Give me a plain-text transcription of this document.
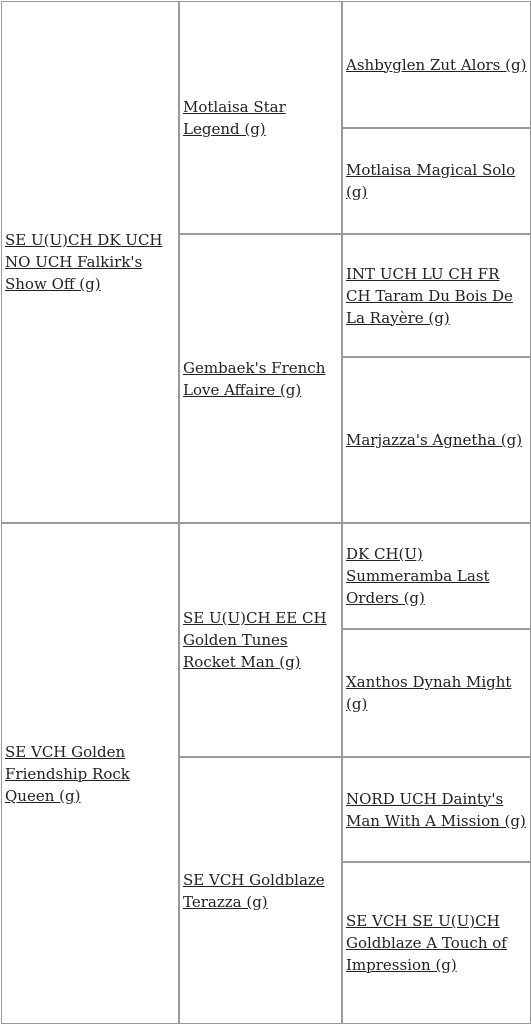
SE U(U)CH DK UCH NO UCH Falkirk's Show Off (g)
SE VCH Golden Friendship Rock Queen (g)
Motlaisa Star Legend (g)
Gembaek's French Love Affaire (g)
SE U(U)CH EE CH Golden Tunes Rocket Man (g)
SE VCH Goldblaze Terazza (g)
Ashbyglen Zut Alors (g)
Motlaisa Magical Solo (g)
INT UCH LU CH FR CH Taram Du Bois De La Rayère (g)
Marjazza's Agnetha (g)
DK CH(U) Summeramba Last Orders (g)
Xanthos Dynah Might (g)
NORD UCH Dainty's Man With A Mission (g)
SE VCH SE U(U)CH Goldblaze A Touch of Impression (g)
